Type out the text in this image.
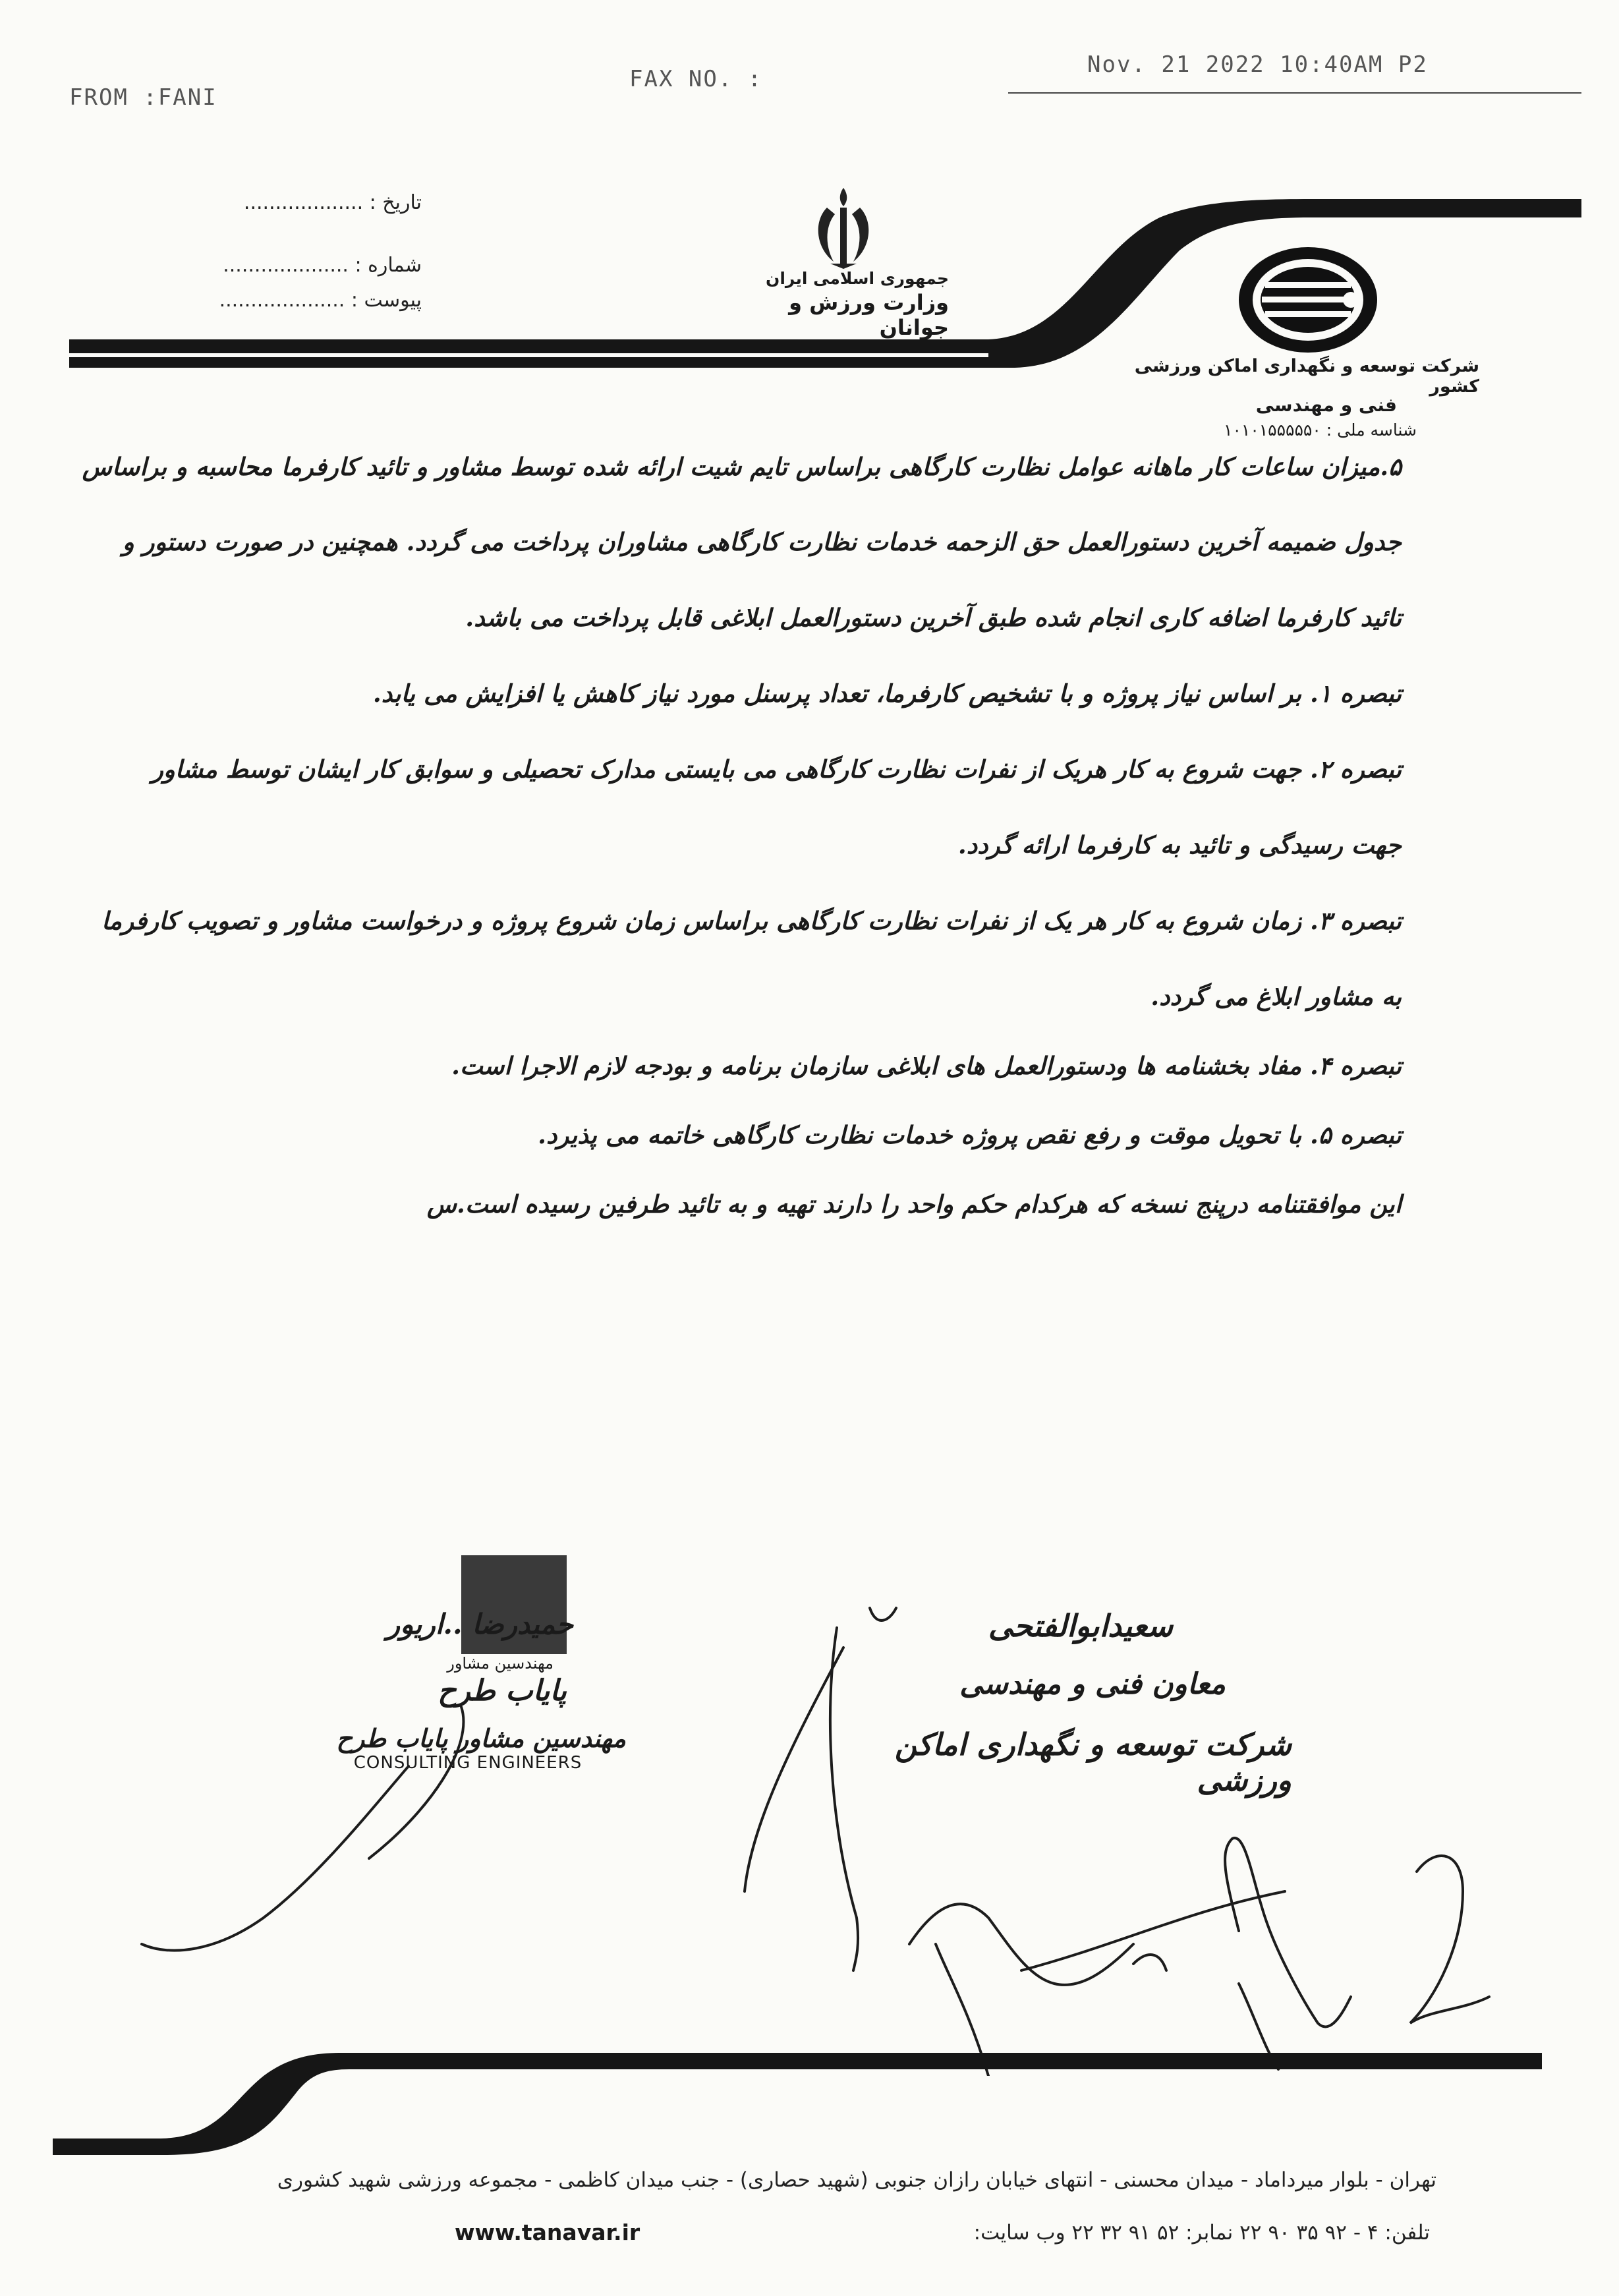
FROM :FANI
FAX NO. :
Nov. 21 2022 10:40AM P2
تاریخ : ...................
شماره : ....................
پیوست : ....................
جمهوری اسلامی ایران
وزارت ورزش و جوانان
شرکت توسعه و نگهداری اماکن ورزشی کشور
فنی و مهندسی
شناسه ملی : ۱۰۱۰۱۵۵۵۵۵۰
۵.میزان ساعات کار ماهانه عوامل نظارت کارگاهی براساس تایم شیت ارائه شده توسط مشاور و تائید کارفرما محاسبه و براساس
جدول ضمیمه آخرین دستورالعمل حق الزحمه خدمات نظارت کارگاهی مشاوران پرداخت می گردد. همچنین در صورت دستور و
تائید کارفرما اضافه کاری انجام شده طبق آخرین دستورالعمل ابلاغی قابل پرداخت می باشد.
تبصره ۱. بر اساس نیاز پروژه و با تشخیص کارفرما، تعداد پرسنل مورد نیاز کاهش یا افزایش می یابد.
تبصره ۲. جهت شروع به کار هریک از نفرات نظارت کارگاهی می بایستی مدارک تحصیلی و سوابق کار ایشان توسط مشاور
جهت رسیدگی و تائید به کارفرما ارائه گردد.
تبصره ۳. زمان شروع به کار هر یک از نفرات نظارت کارگاهی براساس زمان شروع پروژه و درخواست مشاور و تصویب کارفرما
به مشاور ابلاغ می گردد.
تبصره ۴. مفاد بخشنامه ها ودستورالعمل های ابلاغی سازمان برنامه و بودجه لازم الاجرا است.
تبصره ۵. با تحویل موقت و رفع نقص پروژه خدمات نظارت کارگاهی خاتمه می پذیرد.
این موافقتنامه درپنج نسخه که هرکدام حکم واحد را دارند تهیه و به تائید طرفین رسیده است.س
سعیدابوالفتحی
معاون فنی و مهندسی
شرکت توسعه و نگهداری اماکن ورزشی
حمیدرضا ..اریور
مهندسین مشاور
پایاب طرح
مهندسین مشاور پایاب طرح
CONSULTING ENGINEERS
تهران - بلوار میرداماد - میدان محسنی - انتهای خیابان رازان جنوبی (شهید حصاری) - جنب میدان کاظمی - مجموعه ورزشی شهید کشوری
تلفن: ۴ - ۹۲ ۳۵ ۹۰ ۲۲ نمابر: ۵۲ ۹۱ ۳۲ ۲۲ وب سایت:
www.tanavar.ir
